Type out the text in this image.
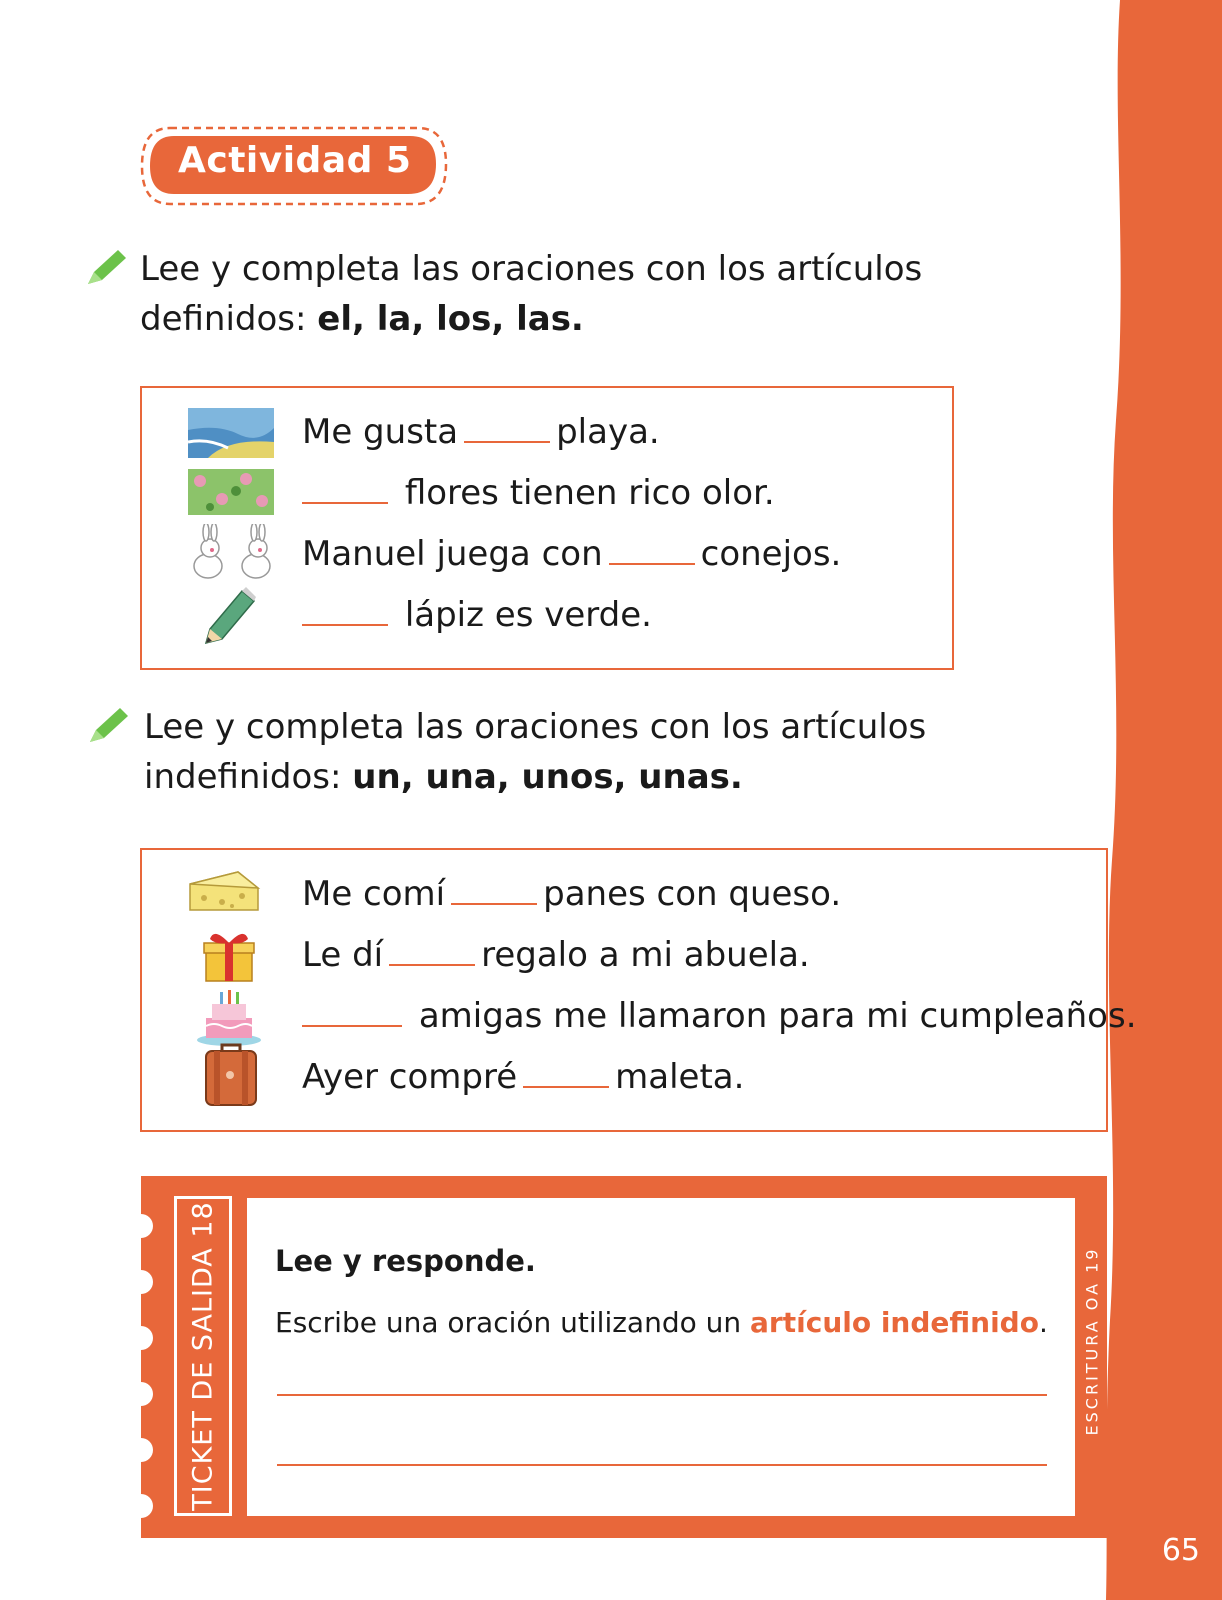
65
Actividad 5
Lee y completa las oraciones con los artículos
definidos: el, la, los, las.
Me gusta	playa.
flores tienen rico olor.
Manuel juega con	conejos.
lápiz es verde.
Lee y completa las oraciones con los artículos
indefinidos: un, una, unos, unas.
Me comí	panes con queso.
Le dí	regalo a mi abuela.
amigas me llamaron para mi cumpleaños.
Ayer compré	maleta.
TICKET DE SALIDA 18 Lee y responde.
Escribe una oración utilizando un artículo indefinido. ESCRITURA OA 19
